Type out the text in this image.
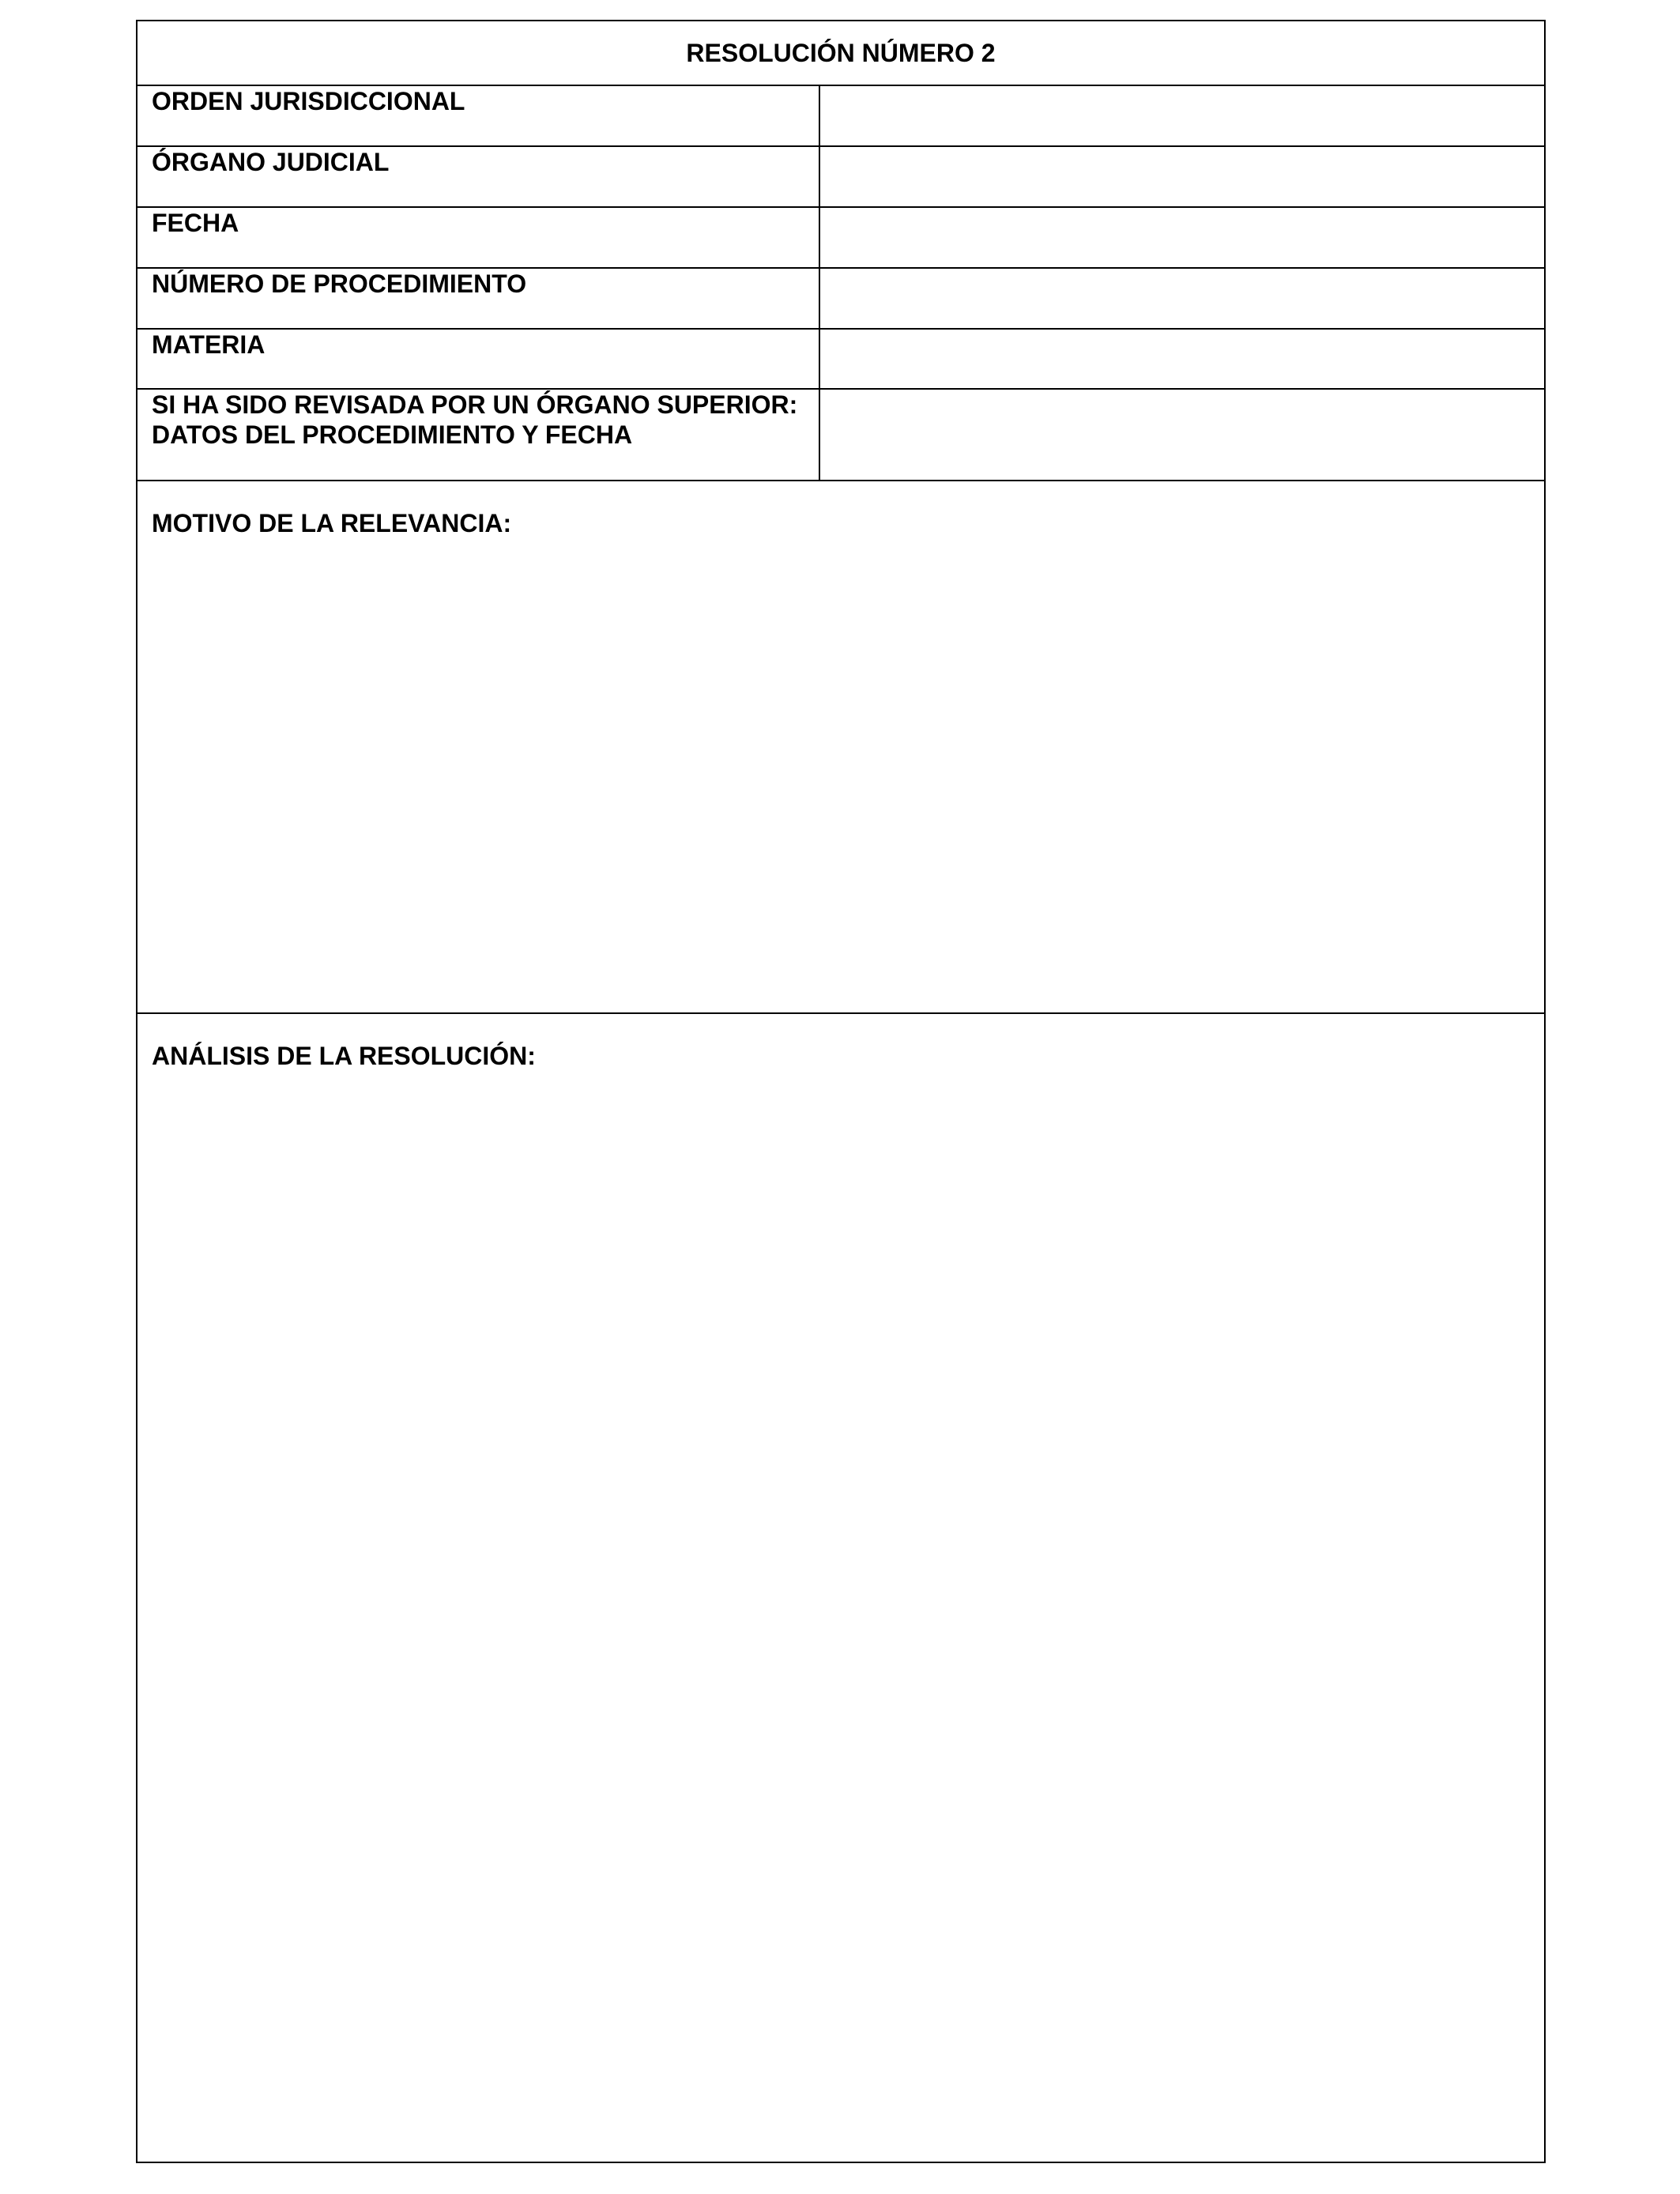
RESOLUCIÓN NÚMERO 2
ORDEN JURISDICCIONAL
ÓRGANO JUDICIAL
FECHA
NÚMERO DE PROCEDIMIENTO
MATERIA
SI HA SIDO REVISADA POR UN ÓRGANO SUPERIOR:
DATOS DEL PROCEDIMIENTO Y FECHA

MOTIVO DE LA RELEVANCIA:

ANÁLISIS DE LA RESOLUCIÓN:
